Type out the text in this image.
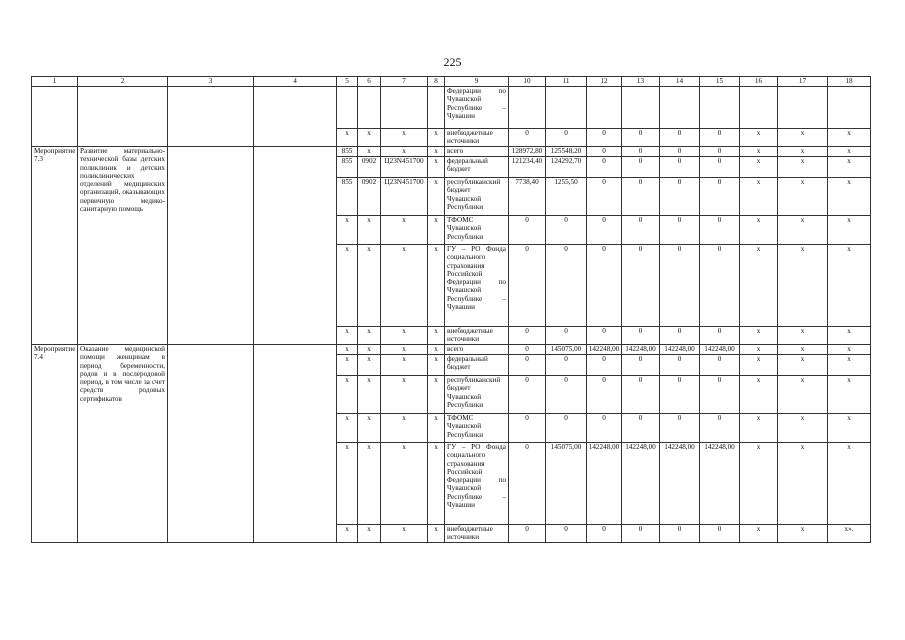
225
1	2	3	4	5	6	7	8	9	10	11	12	13	14	15	16	17	18
								Федерации по Чувашской Республике – Чувашии									
				x	x	x	x	внебюджетные источники	0	0	0	0	0	0	x	x	x
Мероприятие 7.3	Развитие материально-технической базы детских поликлиник и детских поликлинических отделений медицинских организаций, оказывающих первичную медико-санитарную помощь			855	x	x	x	всего	128972,80	125548,20	0	0	0	0	x	x	x
				855	0902	Ц23N451700	x	федеральный бюджет	121234,40	124292,70	0	0	0	0	x	x	x
				855	0902	Ц23N451700	x	республиканский бюджет Чувашской Республики	7738,40	1255,50	0	0	0	0	x	x	x
				x	x	x	x	ТФОМС Чувашской Республики	0	0	0	0	0	0	x	x	x
				x	x	x	x	ГУ – РО Фонда социального страхования Российской Федерации по Чувашской Республике – Чувашии	0	0	0	0	0	0	x	x	x
				x	x	x	x	внебюджетные источники	0	0	0	0	0	0	x	x	x
Мероприятие 7.4	Оказание медицинской помощи женщинам в период беременности, родов и в послеродовой период, в том числе за счет средств родовых сертификатов			x	x	x	x	всего	0	145075,00	142248,00	142248,00	142248,00	142248,00	x	x	x
				x	x	x	x	федеральный бюджет	0	0	0	0	0	0	x	x	x
				x	x	x	x	республиканский бюджет Чувашской Республики	0	0	0	0	0	0	x	x	x
				x	x	x	x	ТФОМС Чувашской Республики	0	0	0	0	0	0	x	x	x
				x	x	x	x	ГУ – РО Фонда социального страхования Российской Федерации по Чувашской Республике – Чувашии	0	145075,00	142248,00	142248,00	142248,00	142248,00	x	x	x
				x	x	x	x	внебюджетные источники	0	0	0	0	0	0	x	x	x».
